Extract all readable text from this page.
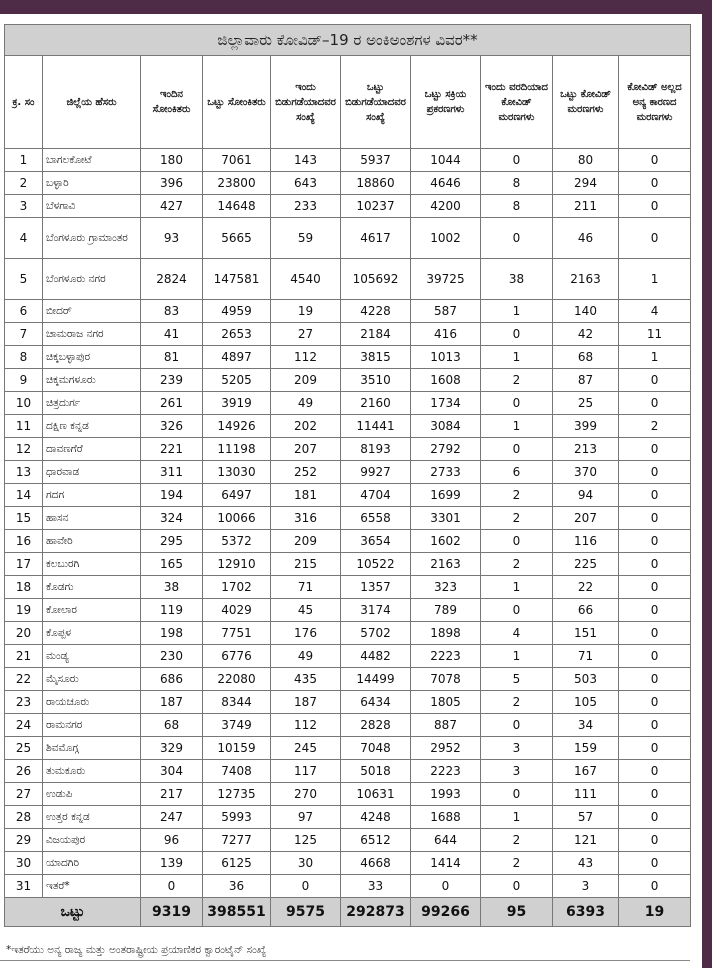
ಜಿಲ್ಲಾವಾರು ಕೋವಿಡ್–19 ರ ಅಂಕಿಅಂಶಗಳ ವಿವರ**									
ಕ್ರ. ಸಂ	ಜಿಲ್ಲೆಯ ಹೆಸರು	ಇಂದಿನ ಸೋಂಕಿತರು	ಒಟ್ಟು ಸೋಂಕಿತರು	ಇಂದು ಬಿಡುಗಡೆಯಾದವರ ಸಂಖ್ಯೆ	ಒಟ್ಟು ಬಿಡುಗಡೆಯಾದವರ ಸಂಖ್ಯೆ	ಒಟ್ಟು ಸಕ್ರಿಯ ಪ್ರಕರಣಗಳು	ಇಂದು ವರದಿಯಾದ ಕೋವಿಡ್ ಮರಣಗಳು	ಒಟ್ಟು ಕೋವಿಡ್ ಮರಣಗಳು	ಕೋವಿಡ್ ಅಲ್ಲದ ಅನ್ಯ ಕಾರಣದ ಮರಣಗಳು
1	ಬಾಗಲಕೋಟೆ	180	7061	143	5937	1044	0	80	0
2	ಬಳ್ಳಾರಿ	396	23800	643	18860	4646	8	294	0
3	ಬೆಳಗಾವಿ	427	14648	233	10237	4200	8	211	0
4	ಬೆಂಗಳೂರು ಗ್ರಾಮಾಂತರ	93	5665	59	4617	1002	0	46	0
5	ಬೆಂಗಳೂರು ನಗರ	2824	147581	4540	105692	39725	38	2163	1
6	ಬೀದರ್	83	4959	19	4228	587	1	140	4
7	ಚಾಮರಾಜ ನಗರ	41	2653	27	2184	416	0	42	11
8	ಚಿಕ್ಕಬಳ್ಳಾಪುರ	81	4897	112	3815	1013	1	68	1
9	ಚಿಕ್ಕಮಗಳೂರು	239	5205	209	3510	1608	2	87	0
10	ಚಿತ್ರದುರ್ಗ	261	3919	49	2160	1734	0	25	0
11	ದಕ್ಷಿಣ ಕನ್ನಡ	326	14926	202	11441	3084	1	399	2
12	ದಾವಣಗೆರೆ	221	11198	207	8193	2792	0	213	0
13	ಧಾರವಾಡ	311	13030	252	9927	2733	6	370	0
14	ಗದಗ	194	6497	181	4704	1699	2	94	0
15	ಹಾಸನ	324	10066	316	6558	3301	2	207	0
16	ಹಾವೇರಿ	295	5372	209	3654	1602	0	116	0
17	ಕಲಬುರಗಿ	165	12910	215	10522	2163	2	225	0
18	ಕೊಡಗು	38	1702	71	1357	323	1	22	0
19	ಕೋಲಾರ	119	4029	45	3174	789	0	66	0
20	ಕೊಪ್ಪಳ	198	7751	176	5702	1898	4	151	0
21	ಮಂಡ್ಯ	230	6776	49	4482	2223	1	71	0
22	ಮೈಸೂರು	686	22080	435	14499	7078	5	503	0
23	ರಾಯಚೂರು	187	8344	187	6434	1805	2	105	0
24	ರಾಮನಗರ	68	3749	112	2828	887	0	34	0
25	ಶಿವಮೊಗ್ಗ	329	10159	245	7048	2952	3	159	0
26	ತುಮಕೂರು	304	7408	117	5018	2223	3	167	0
27	ಉಡುಪಿ	217	12735	270	10631	1993	0	111	0
28	ಉತ್ತರ ಕನ್ನಡ	247	5993	97	4248	1688	1	57	0
29	ವಿಜಯಪುರ	96	7277	125	6512	644	2	121	0
30	ಯಾದಗಿರಿ	139	6125	30	4668	1414	2	43	0
31	ಇತರೆ*	0	36	0	33	0	0	3	0
ಒಟ್ಟು		9319	398551	9575	292873	99266	95	6393	19
*ಇತರೆಯು ಅನ್ಯ ರಾಜ್ಯ ಮತ್ತು ಅಂತರಾಷ್ಟ್ರೀಯ ಪ್ರಯಾಣಿಕರ ಕ್ವಾರಂಟೈನ್ ಸಂಖ್ಯೆ
